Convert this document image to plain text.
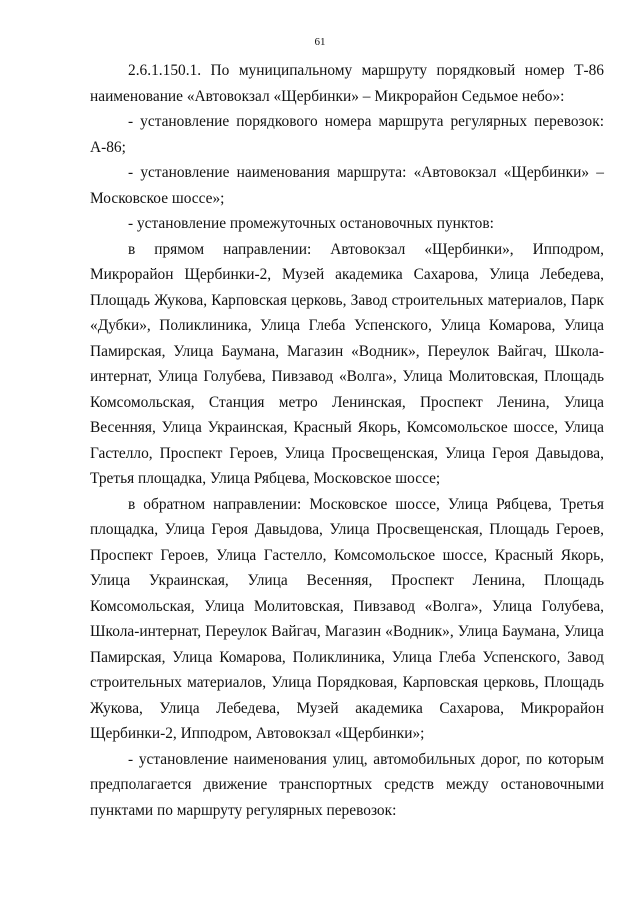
61

2.6.1.150.1. По муниципальному маршруту порядковый номер Т-86 наименование «Автовокзал «Щербинки» – Микрорайон Седьмое небо»:

- установление порядкового номера маршрута регулярных перевозок: А-86;

- установление наименования маршрута: «Автовокзал «Щербинки» – Московское шоссе»;

- установление промежуточных остановочных пунктов:

в прямом направлении: Автовокзал «Щербинки», Ипподром, Микрорайон Щербинки-2, Музей академика Сахарова, Улица Лебедева, Площадь Жукова, Карповская церковь, Завод строительных материалов, Парк «Дубки», Поликлиника, Улица Глеба Успенского, Улица Комарова, Улица Памирская, Улица Баумана, Магазин «Водник», Переулок Вайгач, Школа-интернат, Улица Голубева, Пивзавод «Волга», Улица Молитовская, Площадь Комсомольская, Станция метро Ленинская, Проспект Ленина, Улица Весенняя, Улица Украинская, Красный Якорь, Комсомольское шоссе, Улица Гастелло, Проспект Героев, Улица Просвещенская, Улица Героя Давыдова, Третья площадка, Улица Рябцева, Московское шоссе;

в обратном направлении: Московское шоссе, Улица Рябцева, Третья площадка, Улица Героя Давыдова, Улица Просвещенская, Площадь Героев, Проспект Героев, Улица Гастелло, Комсомольское шоссе, Красный Якорь, Улица Украинская, Улица Весенняя, Проспект Ленина, Площадь Комсомольская, Улица Молитовская, Пивзавод «Волга», Улица Голубева, Школа-интернат, Переулок Вайгач, Магазин «Водник», Улица Баумана, Улица Памирская, Улица Комарова, Поликлиника, Улица Глеба Успенского, Завод строительных материалов, Улица Порядковая, Карповская церковь, Площадь Жукова, Улица Лебедева, Музей академика Сахарова, Микрорайон Щербинки-2, Ипподром, Автовокзал «Щербинки»;

- установление наименования улиц, автомобильных дорог, по которым предполагается движение транспортных средств между остановочными пунктами по маршруту регулярных перевозок:
